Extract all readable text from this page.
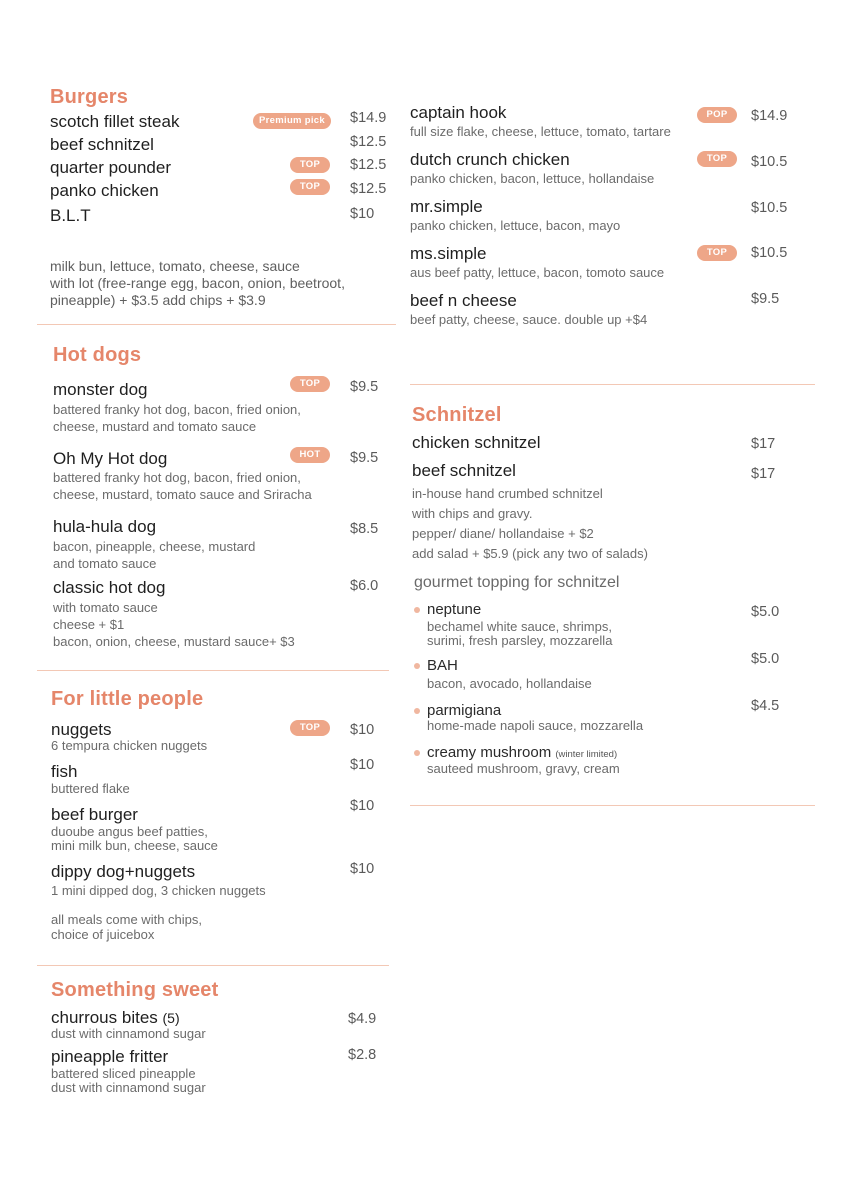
Burgers
scotch fillet steak	Premium pick	$14.9
beef schnitzel	$12.5
quarter pounder	TOP	$12.5
panko chicken	TOP	$12.5
B.L.T	$10
milk bun, lettuce, tomato, cheese, sauce
with lot (free-range egg, bacon, onion, beetroot,
pineapple) + $3.5 add chips + $3.9
captain hook	POP	$14.9
full size flake, cheese, lettuce, tomato, tartare
dutch crunch chicken	TOP	$10.5
panko chicken, bacon, lettuce, hollandaise
mr.simple	$10.5
panko chicken, lettuce, bacon, mayo
ms.simple	TOP	$10.5
aus beef patty, lettuce, bacon, tomoto sauce
beef n cheese	$9.5
beef patty, cheese, sauce. double up +$4
Hot dogs
monster dog	TOP	$9.5
battered franky hot dog, bacon, fried onion,
cheese, mustard and tomato sauce
Oh My Hot dog	HOT	$9.5
battered franky hot dog, bacon, fried onion,
cheese, mustard, tomato sauce and Sriracha
hula-hula dog	$8.5
bacon, pineapple, cheese, mustard
and tomato sauce
classic hot dog	$6.0
with tomato sauce
cheese + $1
bacon, onion, cheese, mustard sauce+ $3
For little people
nuggets	TOP	$10
6 tempura chicken nuggets
fish	$10
buttered flake
beef burger	$10
duoube angus beef patties,
mini milk bun, cheese, sauce
dippy dog+nuggets	$10
1 mini dipped dog, 3 chicken nuggets
all meals come with chips,
choice of juicebox
Something sweet
churrous bites (5)	$4.9
dust with cinnamond sugar
pineapple fritter	$2.8
battered sliced pineapple
dust with cinnamond sugar
Schnitzel
chicken schnitzel	$17
beef schnitzel	$17
in-house hand crumbed schnitzel
with chips and gravy.
pepper/ diane/ hollandaise + $2
add salad + $5.9 (pick any two of salads)
gourmet topping for schnitzel
neptune	$5.0
bechamel white sauce, shrimps,
surimi, fresh parsley, mozzarella
BAH	$5.0
bacon, avocado, hollandaise
parmigiana	$4.5
home-made napoli sauce, mozzarella
creamy mushroom (winter limited)
sauteed mushroom, gravy, cream
